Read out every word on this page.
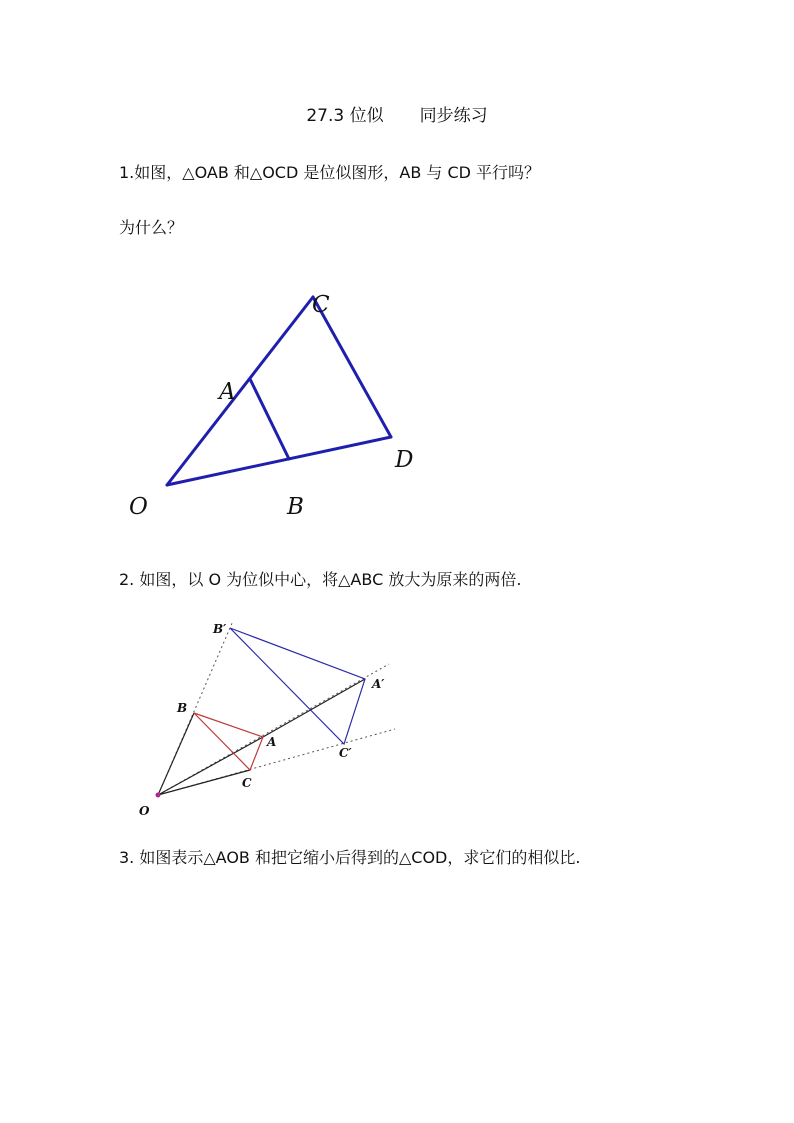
27.3 位似 同步练习
1.如图，△OAB 和△OCD 是位似图形，AB 与 CD 平行吗？
为什么？
C
A
D
O	B
2. 如图，以 O 为位似中心，将△ABC 放大为原来的两倍.
B′
A′
B
A
C′
C
O
3. 如图表示△AOB 和把它缩小后得到的△COD，求它们的相似比.
